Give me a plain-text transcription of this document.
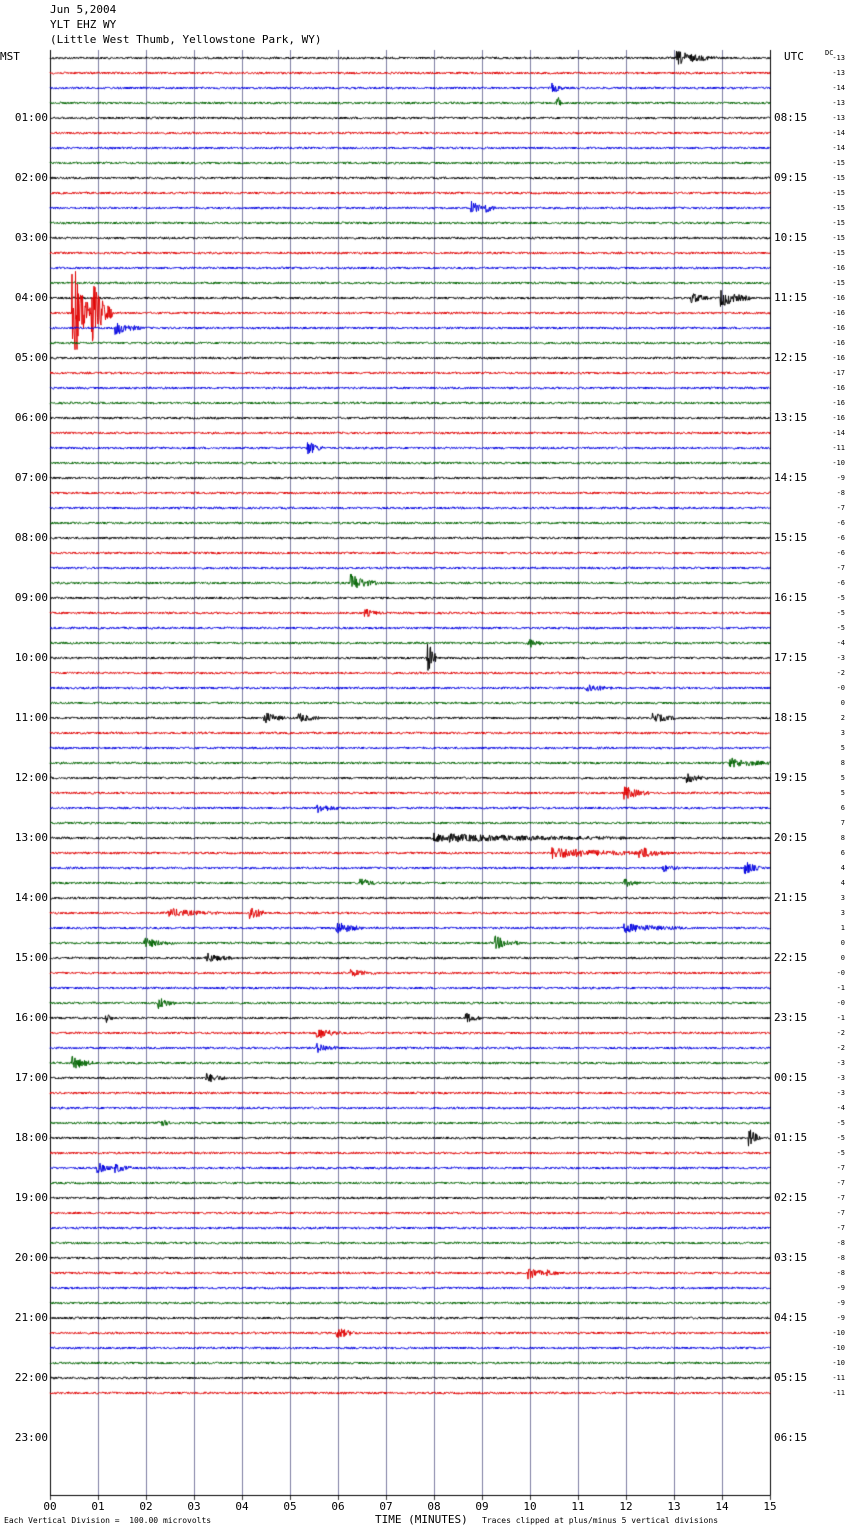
Jun 5,2004
YLT EHZ WY
(Little West Thumb, Yellowstone Park, WY)
MST	UTC	DC
01:00
02:00
03:00
04:00
05:00
06:00
07:00
08:00
09:00
10:00
11:00
12:00
13:00
14:00
15:00
16:00
17:00
18:00
19:00
20:00
21:00
22:00
23:00
08:15
09:15
10:15
11:15
12:15
13:15
14:15
15:15
16:15
17:15
18:15
19:15
20:15
21:15
22:15
23:15
00:15
01:15
02:15
03:15
04:15
05:15
06:15
-13
-13
-14
-13
-13
-14
-14
-15
-15
-15
-15
-15
-15
-15
-16
-15
-16
-16
-16
-16
-16
-17
-16
-16
-16
-14
-11
-10
-9
-8
-7
-6
-6
-6
-7
-6
-5
-5
-5
-4
-3
-2
-0
0
2
3
5
8
5
5
6
7
8
6
4
4
3
3
1
0
0
-0
-1
-0
-1
-2
-2
-3
-3
-3
-4
-5
-5
-5
-7
-7
-7
-7
-7
-8
-8
-8
-9
-9
-9
-10
-10
-10
-11
-11
00	01	02	03	04	05	06	07	08	09	10	11	12	13	14	15
Each Vertical Division =  100.00 microvolts	TIME (MINUTES) Traces clipped at plus/minus 5 vertical divisions
